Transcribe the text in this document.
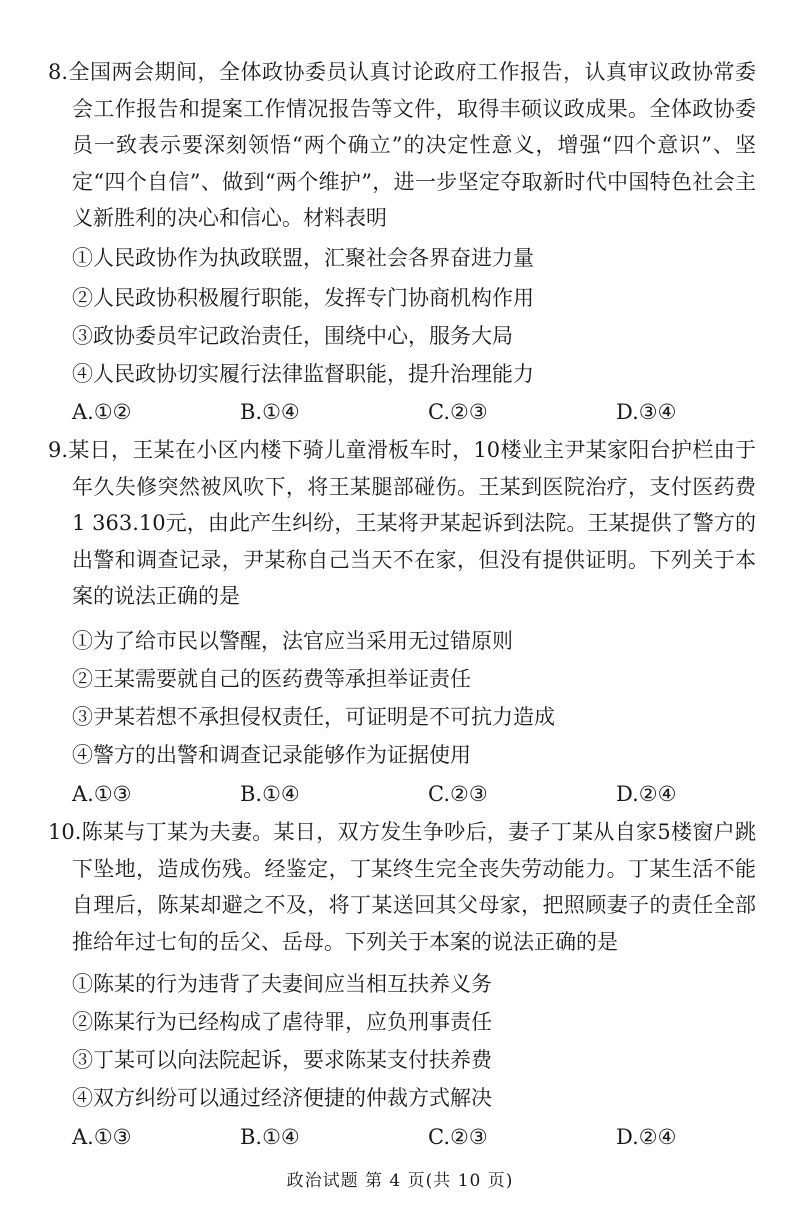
8.全国两会期间，全体政协委员认真讨论政府工作报告，认真审议政协常委会工作报告和提案工作情况报告等文件，取得丰硕议政成果。全体政协委员一致表示要深刻领悟“两个确立”的决定性意义，增强“四个意识”、坚定“四个自信”、做到“两个维护”，进一步坚定夺取新时代中国特色社会主义新胜利的决心和信心。材料表明
①人民政协作为执政联盟，汇聚社会各界奋进力量
②人民政协积极履行职能，发挥专门协商机构作用
③政协委员牢记政治责任，围绕中心，服务大局
④人民政协切实履行法律监督职能，提升治理能力
A.①②	B.①④	C.②③	D.③④
9.某日，王某在小区内楼下骑儿童滑板车时，10楼业主尹某家阳台护栏由于年久失修突然被风吹下，将王某腿部碰伤。王某到医院治疗，支付医药费1 363.10元，由此产生纠纷，王某将尹某起诉到法院。王某提供了警方的出警和调查记录，尹某称自己当天不在家，但没有提供证明。下列关于本案的说法正确的是
①为了给市民以警醒，法官应当采用无过错原则
②王某需要就自己的医药费等承担举证责任
③尹某若想不承担侵权责任，可证明是不可抗力造成
④警方的出警和调查记录能够作为证据使用
A.①③	B.①④	C.②③	D.②④
10.陈某与丁某为夫妻。某日，双方发生争吵后，妻子丁某从自家5楼窗户跳下坠地，造成伤残。经鉴定，丁某终生完全丧失劳动能力。丁某生活不能自理后，陈某却避之不及，将丁某送回其父母家，把照顾妻子的责任全部推给年过七旬的岳父、岳母。下列关于本案的说法正确的是
①陈某的行为违背了夫妻间应当相互扶养义务
②陈某行为已经构成了虐待罪，应负刑事责任
③丁某可以向法院起诉，要求陈某支付扶养费
④双方纠纷可以通过经济便捷的仲裁方式解决
A.①③	B.①④	C.②③	D.②④
政治试题 第 4 页(共 10 页)
